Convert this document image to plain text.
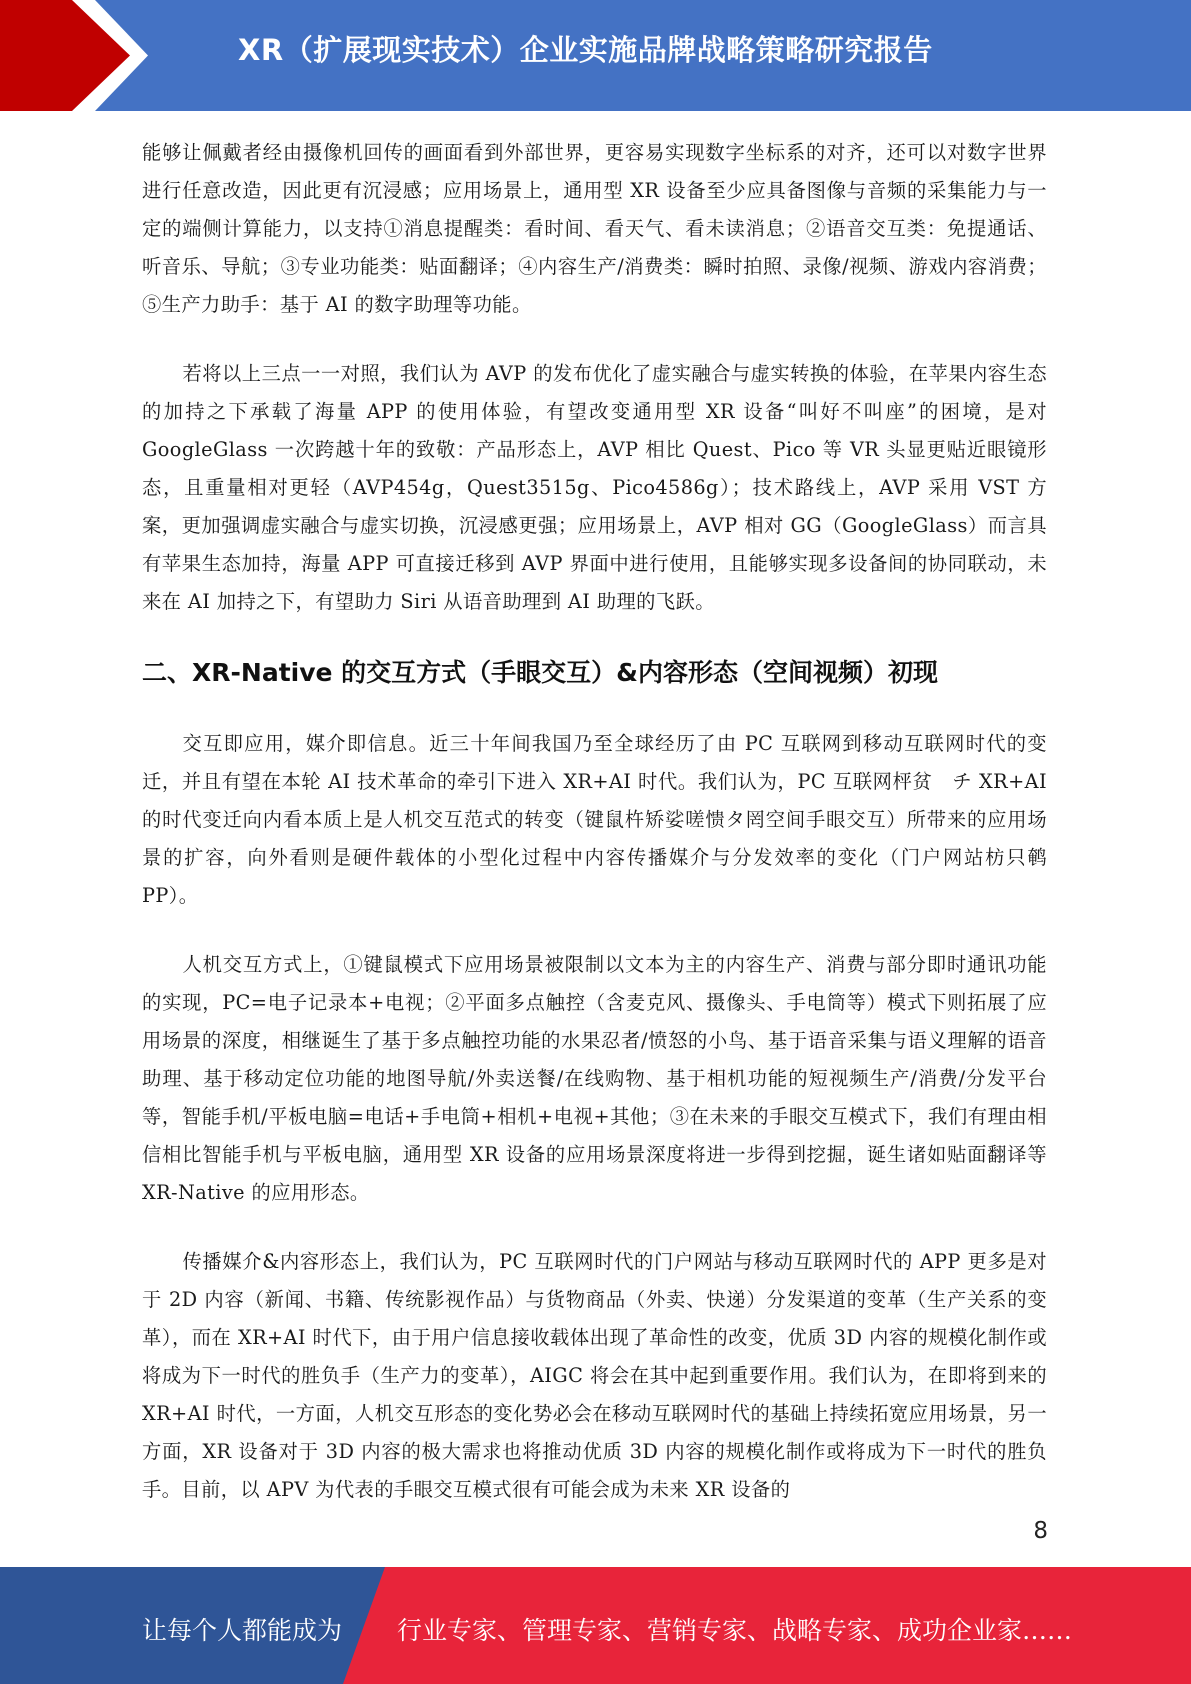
XR（扩展现实技术）企业实施品牌战略策略研究报告

能够让佩戴者经由摄像机回传的画面看到外部世界，更容易实现数字坐标系的对齐，还可以对数字世界进行任意改造，因此更有沉浸感；应用场景上，通用型 XR 设备至少应具备图像与音频的采集能力与一定的端侧计算能力，以支持①消息提醒类：看时间、看天气、看未读消息；②语音交互类：免提通话、听音乐、导航；③专业功能类：贴面翻译；④内容生产/消费类：瞬时拍照、录像/视频、游戏内容消费；⑤生产力助手：基于 AI 的数字助理等功能。

若将以上三点一一对照，我们认为 AVP 的发布优化了虚实融合与虚实转换的体验，在苹果内容生态的加持之下承载了海量 APP 的使用体验，有望改变通用型 XR 设备“叫好不叫座”的困境，是对 GoogleGlass 一次跨越十年的致敬：产品形态上，AVP 相比 Quest、Pico 等 VR 头显更贴近眼镜形态，且重量相对更轻（AVP454g，Quest3515g、Pico4586g）；技术路线上，AVP 采用 VST 方案，更加强调虚实融合与虚实切换，沉浸感更强；应用场景上，AVP 相对 GG（GoogleGlass）而言具有苹果生态加持，海量 APP 可直接迁移到 AVP 界面中进行使用，且能够实现多设备间的协同联动，未来在 AI 加持之下，有望助力 Siri 从语音助理到 AI 助理的飞跃。

二、XR-Native 的交互方式（手眼交互）&内容形态（空间视频）初现

交互即应用，媒介即信息。近三十年间我国乃至全球经历了由 PC 互联网到移动互联网时代的变迁，并且有望在本轮 AI 技术革命的牵引下进入 XR+AI 时代。我们认为，PC 互联网枰贫　チ XR+AI 的时代变迁向内看本质上是人机交互范式的转变（键鼠杵矫娑嗟愦タ罔空间手眼交互）所带来的应用场景的扩容，向外看则是硬件载体的小型化过程中内容传播媒介与分发效率的变化（门户网站枋只鹌 PP）。

人机交互方式上，①键鼠模式下应用场景被限制以文本为主的内容生产、消费与部分即时通讯功能的实现，PC=电子记录本+电视；②平面多点触控（含麦克风、摄像头、手电筒等）模式下则拓展了应用场景的深度，相继诞生了基于多点触控功能的水果忍者/愤怒的小鸟、基于语音采集与语义理解的语音助理、基于移动定位功能的地图导航/外卖送餐/在线购物、基于相机功能的短视频生产/消费/分发平台等，智能手机/平板电脑=电话+手电筒+相机+电视+其他；③在未来的手眼交互模式下，我们有理由相信相比智能手机与平板电脑，通用型 XR 设备的应用场景深度将进一步得到挖掘，诞生诸如贴面翻译等 XR-Native 的应用形态。

传播媒介&内容形态上，我们认为，PC 互联网时代的门户网站与移动互联网时代的 APP 更多是对于 2D 内容（新闻、书籍、传统影视作品）与货物商品（外卖、快递）分发渠道的变革（生产关系的变革），而在 XR+AI 时代下，由于用户信息接收载体出现了革命性的改变，优质 3D 内容的规模化制作或将成为下一时代的胜负手（生产力的变革），AIGC 将会在其中起到重要作用。我们认为，在即将到来的 XR+AI 时代，一方面，人机交互形态的变化势必会在移动互联网时代的基础上持续拓宽应用场景，另一方面，XR 设备对于 3D 内容的极大需求也将推动优质 3D 内容的规模化制作或将成为下一时代的胜负手。目前，以 APV 为代表的手眼交互模式很有可能会成为未来 XR 设备的

8
让每个人都能成为 行业专家、管理专家、营销专家、战略专家、成功企业家……
